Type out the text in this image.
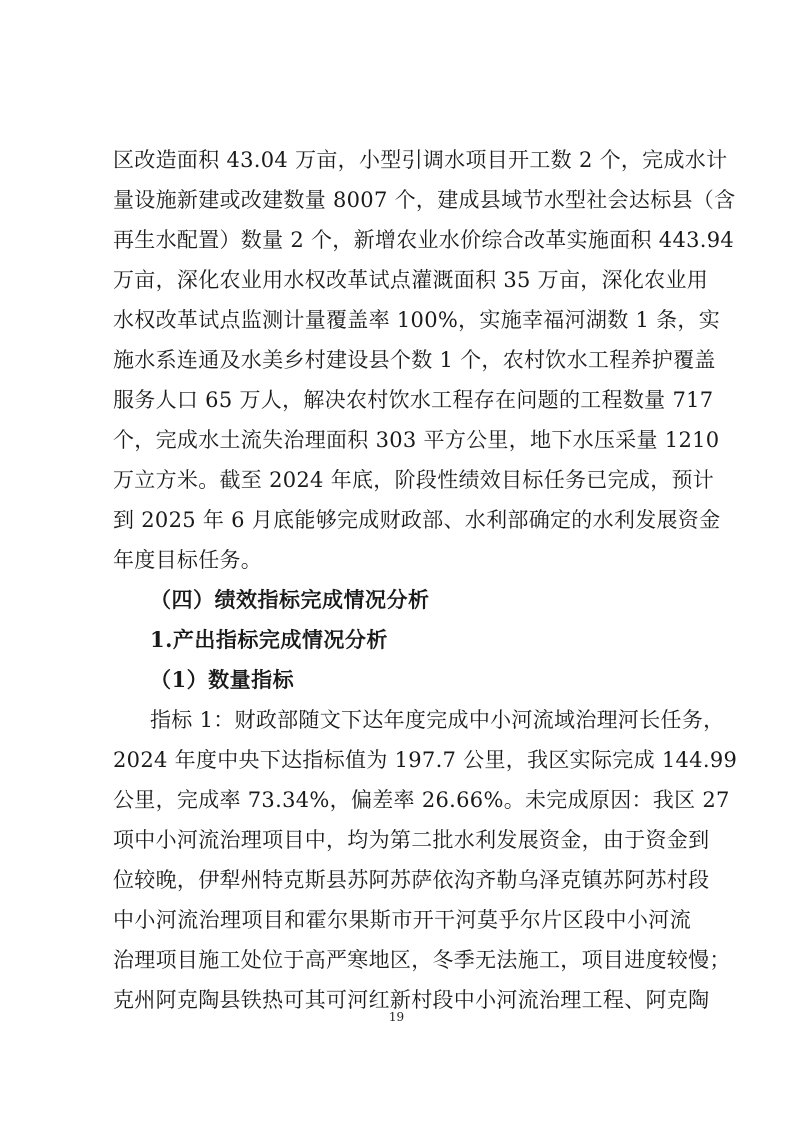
区改造面积 43.04 万亩，小型引调水项目开工数 2 个，完成水计
量设施新建或改建数量 8007 个，建成县域节水型社会达标县（含
再生水配置）数量 2 个，新增农业水价综合改革实施面积 443.94
万亩，深化农业用水权改革试点灌溉面积 35 万亩，深化农业用
水权改革试点监测计量覆盖率 100%，实施幸福河湖数 1 条，实
施水系连通及水美乡村建设县个数 1 个，农村饮水工程养护覆盖
服务人口 65 万人，解决农村饮水工程存在问题的工程数量 717
个，完成水土流失治理面积 303 平方公里，地下水压采量 1210
万立方米。截至 2024 年底，阶段性绩效目标任务已完成，预计
到 2025 年 6 月底能够完成财政部、水利部确定的水利发展资金
年度目标任务。
（四）绩效指标完成情况分析
1.产出指标完成情况分析
（1）数量指标
指标 1：财政部随文下达年度完成中小河流域治理河长任务，
2024 年度中央下达指标值为 197.7 公里，我区实际完成 144.99
公里，完成率 73.34%，偏差率 26.66%。未完成原因：我区 27
项中小河流治理项目中，均为第二批水利发展资金，由于资金到
位较晚，伊犁州特克斯县苏阿苏萨依沟齐勒乌泽克镇苏阿苏村段
中小河流治理项目和霍尔果斯市开干河莫乎尔片区段中小河流
治理项目施工处位于高严寒地区，冬季无法施工，项目进度较慢；
克州阿克陶县铁热可其可河红新村段中小河流治理工程、阿克陶
19
